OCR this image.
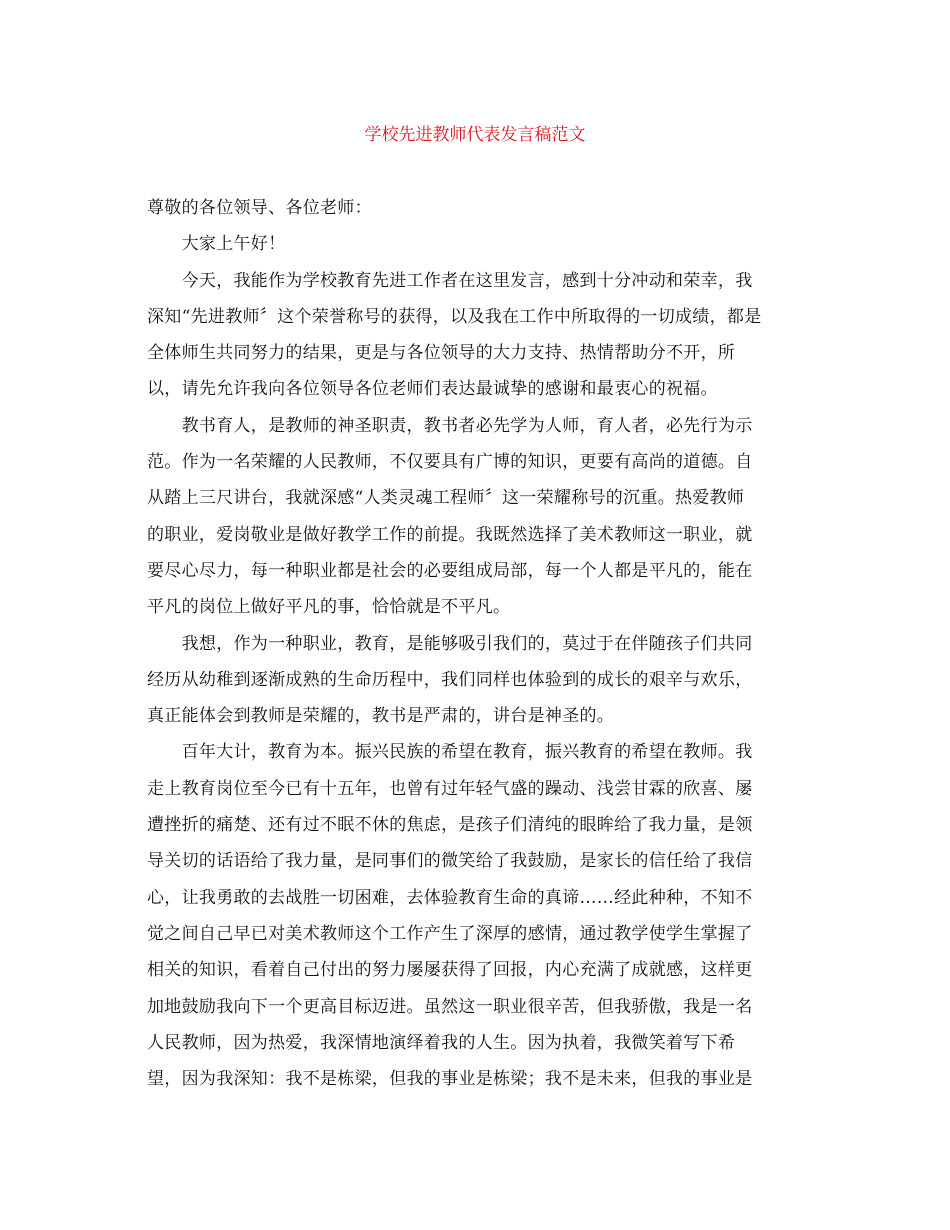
学校先进教师代表发言稿范文
尊敬的各位领导、各位老师：
　　大家上午好！
　　今天，我能作为学校教育先进工作者在这里发言，感到十分冲动和荣幸，我
深知“先进教师〞这个荣誉称号的获得，以及我在工作中所取得的一切成绩，都是
全体师生共同努力的结果，更是与各位领导的大力支持、热情帮助分不开，所
以，请先允许我向各位领导各位老师们表达最诚挚的感谢和最衷心的祝福。
　　教书育人，是教师的神圣职责，教书者必先学为人师，育人者，必先行为示
范。作为一名荣耀的人民教师，不仅要具有广博的知识，更要有高尚的道德。自
从踏上三尺讲台，我就深感“人类灵魂工程师〞这一荣耀称号的沉重。热爱教师
的职业，爱岗敬业是做好教学工作的前提。我既然选择了美术教师这一职业，就
要尽心尽力，每一种职业都是社会的必要组成局部，每一个人都是平凡的，能在
平凡的岗位上做好平凡的事，恰恰就是不平凡。
　　我想，作为一种职业，教育，是能够吸引我们的，莫过于在伴随孩子们共同
经历从幼稚到逐渐成熟的生命历程中，我们同样也体验到的成长的艰辛与欢乐，
真正能体会到教师是荣耀的，教书是严肃的，讲台是神圣的。
　　百年大计，教育为本。振兴民族的希望在教育，振兴教育的希望在教师。我
走上教育岗位至今已有十五年，也曾有过年轻气盛的躁动、浅尝甘霖的欣喜、屡
遭挫折的痛楚、还有过不眠不休的焦虑，是孩子们清纯的眼眸给了我力量，是领
导关切的话语给了我力量，是同事们的微笑给了我鼓励，是家长的信任给了我信
心，让我勇敢的去战胜一切困难，去体验教育生命的真谛……经此种种，不知不
觉之间自己早已对美术教师这个工作产生了深厚的感情，通过教学使学生掌握了
相关的知识，看着自己付出的努力屡屡获得了回报，内心充满了成就感，这样更
加地鼓励我向下一个更高目标迈进。虽然这一职业很辛苦，但我骄傲，我是一名
人民教师，因为热爱，我深情地演绎着我的人生。因为执着，我微笑着写下希
望，因为我深知：我不是栋梁，但我的事业是栋梁；我不是未来，但我的事业是
